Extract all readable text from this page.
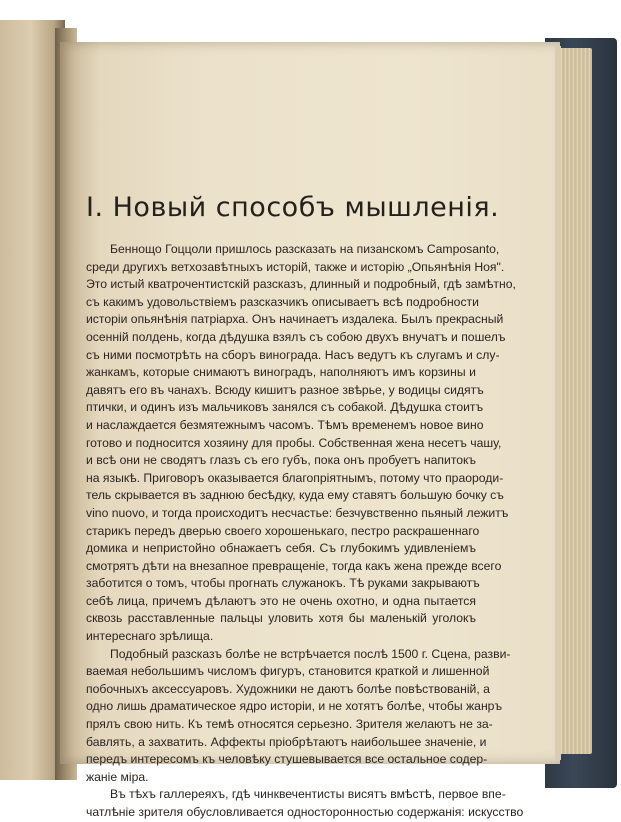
I. Новый способъ мышленія.

Беннощо Гоццоли пришлось разсказать на пизанскомъ Camposanto,
среди другихъ ветхозавѣтныхъ исторій, также и исторію „Опьянѣнія Ноя".
Это истый кватрочентистскій разсказъ, длинный и подробный, гдѣ замѣтно,
съ какимъ удовольствіемъ разсказчикъ описываетъ всѣ подробности
исторіи опьянѣнія патріарха. Онъ начинаетъ издалека. Былъ прекрасный
осенній полдень, когда дѣдушка взялъ съ собою двухъ внучатъ и пошелъ
съ ними посмотрѣть на сборъ винограда. Насъ ведутъ къ слугамъ и слу-
жанкамъ, которые снимаютъ виноградъ, наполняютъ имъ корзины и
давятъ его въ чанахъ. Всюду кишитъ разное звѣрье, у водицы сидятъ
птички, и одинъ изъ мальчиковъ занялся съ собакой. Дѣдушка стоитъ
и наслаждается безмятежнымъ часомъ. Тѣмъ временемъ новое вино
готово и подносится хозяину для пробы. Собственная жена несетъ чашу,
и всѣ они не сводятъ глазъ съ его губъ, пока онъ пробуетъ напитокъ
на языкѣ. Приговоръ оказывается благопріятнымъ, потому что праороди-
тель скрывается въ заднюю бесѣдку, куда ему ставятъ большую бочку съ
vino nuovo, и тогда происходитъ несчастье: безчувственно пьяный лежитъ
старикъ передъ дверью своего хорошенькаго, пестро раскрашеннаго
домика и непристойно обнажаетъ себя. Съ глубокимъ удивленіемъ
смотрятъ дѣти на внезапное превращеніе, тогда какъ жена прежде всего
заботится о томъ, чтобы прогнать служанокъ. Тѣ руками закрываютъ
себѣ лица, причемъ дѣлаютъ это не очень охотно, и одна пытается
сквозь расставленные пальцы уловить хотя бы маленькій уголокъ
интереснаго зрѣлища.

Подобный разсказъ болѣе не встрѣчается послѣ 1500 г. Сцена, разви-
ваемая небольшимъ числомъ фигуръ, становится краткой и лишенной
побочныхъ аксессуаровъ. Художники не даютъ болѣе повѣствованій, а
одно лишь драматическое ядро исторіи, и не хотятъ болѣе, чтобы жанръ
прялъ свою нить. Къ темѣ относятся серьезно. Зрителя желаютъ не за-
бавлять, а захватить. Аффекты пріобрѣтаютъ наибольшее значеніе, и
передъ интересомъ къ человѣку стушевывается все остальное содер-
жаніе міра.

Въ тѣхъ галлереяхъ, гдѣ чинквечентисты висятъ вмѣстѣ, первое впе-
чатлѣніе зрителя обусловливается односторонностью содержанія: искусство
